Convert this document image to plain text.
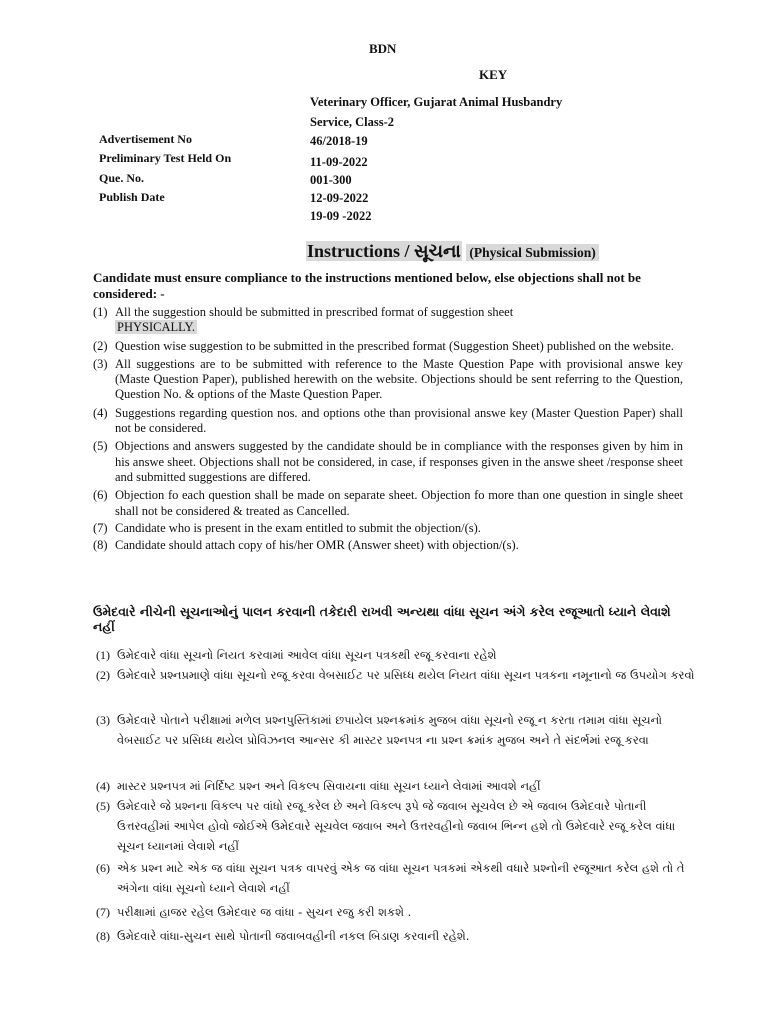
BDN
KEY
Veterinary Officer, Gujarat Animal Husbandry
Service, Class-2
Advertisement No	46/2018-19
Preliminary Test Held On	11-09-2022
Que. No.	001-300
Publish Date	12-09-2022
19-09 -2022
Instructions / સૂચના (Physical Submission)
Candidate must ensure compliance to the instructions mentioned below, else objections shall not be considered: -
(1) All the suggestion should be submitted in prescribed format of suggestion sheet
PHYSICALLY.
(2) Question wise suggestion to be submitted in the prescribed format (Suggestion Sheet) published on the website.
(3) All suggestions are to be submitted with reference to the Maste Question Pape with provisional answe key (Maste Question Paper), published herewith on the website. Objections should be sent referring to the Question, Question No. & options of the Maste Question Paper.
(4) Suggestions regarding question nos. and options othe than provisional answe key (Master Question Paper) shall not be considered.
(5) Objections and answers suggested by the candidate should be in compliance with the responses given by him in his answe sheet. Objections shall not be considered, in case, if responses given in the answe sheet /response sheet and submitted suggestions are differed.
(6) Objection fo each question shall be made on separate sheet. Objection fo more than one question in single sheet shall not be considered & treated as Cancelled.
(7) Candidate who is present in the exam entitled to submit the objection/(s).
(8) Candidate should attach copy of his/her OMR (Answer sheet) with objection/(s).
ઉમેદવારે નીચેની સૂચનાઓનું પાલન કરવાની તકેદારી રાખવી અન્યથા વાંધા સૂચન અંગે કરેલ રજૂઆતો ધ્યાને લેવાશે નહીં
(1) ઉમેદવારે વાંધા સૂચનો નિયત કરવામાં આવેલ વાંધા સૂચન પત્રકથી રજૂ કરવાના રહેશે
(2) ઉમેદવારે પ્રશ્નપ્રમાણે વાંધા સૂચનો રજૂ કરવા વેબસાઈટ પર પ્રસિધ્ધ થયેલ નિયત વાંધા સૂચન પત્રકના નમૂનાનો જ ઉપયોગ કરવો
(3) ઉમેદવારે પોતાને પરીક્ષામાં મળેલ પ્રશ્નપુસ્તિકામાં છપાયેલ પ્રશ્નક્રમાંક મુજબ વાંધા સૂચનો રજૂ ન કરતા તમામ વાંધા સૂચનો વેબસાઈટ પર પ્રસિધ્ધ થયેલ પ્રોવિઝનલ આન્સર કી માસ્ટર પ્રશ્નપત્ર ના પ્રશ્ન ક્રમાંક મુજબ અને તે સંદર્ભમાં રજૂ કરવા
(4) માસ્ટર પ્રશ્નપત્ર માં નિર્દિષ્ટ પ્રશ્ન અને વિકલ્પ સિવાયના વાંધા સૂચન ધ્યાને લેવામાં આવશે નહીં
(5) ઉમેદવારે જે પ્રશ્નના વિકલ્પ પર વાંધો રજૂ કરેલ છે અને વિકલ્પ રૂપે જે જવાબ સૂચવેલ છે એ જવાબ ઉમેદવારે પોતાની ઉત્તરવહીમાં આપેલ હોવો જોઈએ ઉમેદવારે સૂચવેલ જવાબ અને ઉત્તરવહીનો જવાબ ભિન્ન હશે તો ઉમેદવારે રજૂ કરેલ વાંધા સૂચન ધ્યાનમાં લેવાશે નહીં
(6) એક પ્રશ્ન માટે એક જ વાંધા સૂચન પત્રક વાપરવું એક જ વાંધા સૂચન પત્રકમાં એકથી વધારે પ્રશ્નોની રજૂઆત કરેલ હશે તો તે અંગેના વાંધા સૂચનો ધ્યાને લેવાશે નહીં
(7) પરીક્ષામાં હાજર રહેલ ઉમેદવાર જ વાંધા - સુચન રજુ કરી શકશે .
(8) ઉમેદવારે વાંધા-સુચન સાથે પોતાની જવાબવહીની નકલ બિડાણ કરવાની રહેશે.
